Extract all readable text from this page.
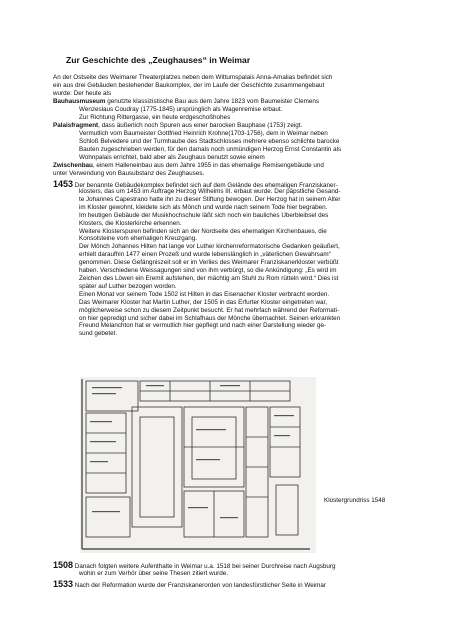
Zur Geschichte des „Zeughauses“ in Weimar
An der Ostseite des Weimarer Theaterplatzes neben dem Wittumspalais Anna-Amalias befindet sich
ein aus drei Gebäuden bestehender Baukomplex, der im Laufe der Geschichte zusammengebaut
wurde: Der heute als
Bauhausmuseum genutzte klassizistische Bau aus dem Jahre 1823 vom Baumeister Clemens
Wenzeslaus Coudray (1775-1845) ursprünglich als Wagenremise erbaut.
Zur Richtung Rittergasse, ein heute erdgeschoßhohes
Palaisfragment, dass äußerlich noch Spuren aus einer barocken Bauphase (1753) zeigt.
Vermutlich vom Baumeister Gottfried Heinrich Krohne(1703-1756), dem in Weimar neben
Schloß Belvedere und der Turmhaube des Stadtschlosses mehrere ebenso schlichte barocke
Bauten zugeschrieben werden, für den damals noch unmündigen Herzog Ernst Constantin als
Wohnpalais errichtet, bald aber als Zeughaus benutzt sowie einem
Zwischenbau, einem Halleneinbau aus dem Jahre 1955 in das ehemalige Remisengebäude und
unter Verwendung von Bausubstanz des Zeughauses.
1453 Der benannte Gebäudekomplex befindet sich auf dem Gelände des ehemaligen Franziskaner-
klosters, das um 1453 im Auftrage Herzog Wilhelms III. erbaut wurde. Der päpstliche Gesand-
te Johannes Capestrano hatte ihn zu dieser Stiftung bewogen. Der Herzog hat in seinem Alter
im Kloster gewohnt, kleidete sich als Mönch und wurde nach seinem Tode hier begraben.
Im heutigen Gebäude der Musikhochschule läßt sich noch ein bauliches Überbleibsel des
Klosters, die Klosterkirche erkennen.
Weitere Klosterspuren befinden sich an der Nordseite des ehemaligen Kirchenbaues, die
Konsolsteine vom ehemaligen Kreuzgang.
Der Mönch Johannes Hilten hat lange vor Luther kirchenreformatorische Gedanken geäußert,
erhielt daraufhin 1477 einen Prozeß und wurde lebenslänglich in „väterlichen Gewahrsam“
genommen. Diese Gefängniszeit soll er im Verlies des Weimarer Franziskanerkloster verbüßt
haben. Verschiedene Weissagungen sind von ihm verbürgt, so die Ankündigung: „Es wird im
Zeichen des Löwen ein Eremit aufstehen, der mächtig am Stuhl zu Rom rütteln wird.“ Dies ist
später auf Luther bezogen worden.
Einen Monat vor seinem Tode 1502 ist Hilten in das Eisenacher Kloster verbracht worden.
Das Weimarer Kloster hat Martin Luther, der 1505 in das Erfurter Kloster eingetreten war,
möglicherweise schon zu diesem Zeitpunkt besucht. Er hat mehrfach während der Reformati-
on hier gepredigt und sicher dabei im Schlafhaus der Mönche übernachtet. Seinen erkrankten
Freund Melanchton hat er vermutlich hier gepflegt und nach einer Darstellung wieder ge-
sund gebetet.
Klostergrundriss 1548
1508 Danach folgten weitere Aufenthalte in Weimar u.a. 1518 bei seiner Durchreise nach Augsburg
wohin er zum Verhör über seine Thesen zitiert wurde.
1533 Nach der Reformation wurde der Franziskanerorden von landesfürstlicher Seite in Weimar
